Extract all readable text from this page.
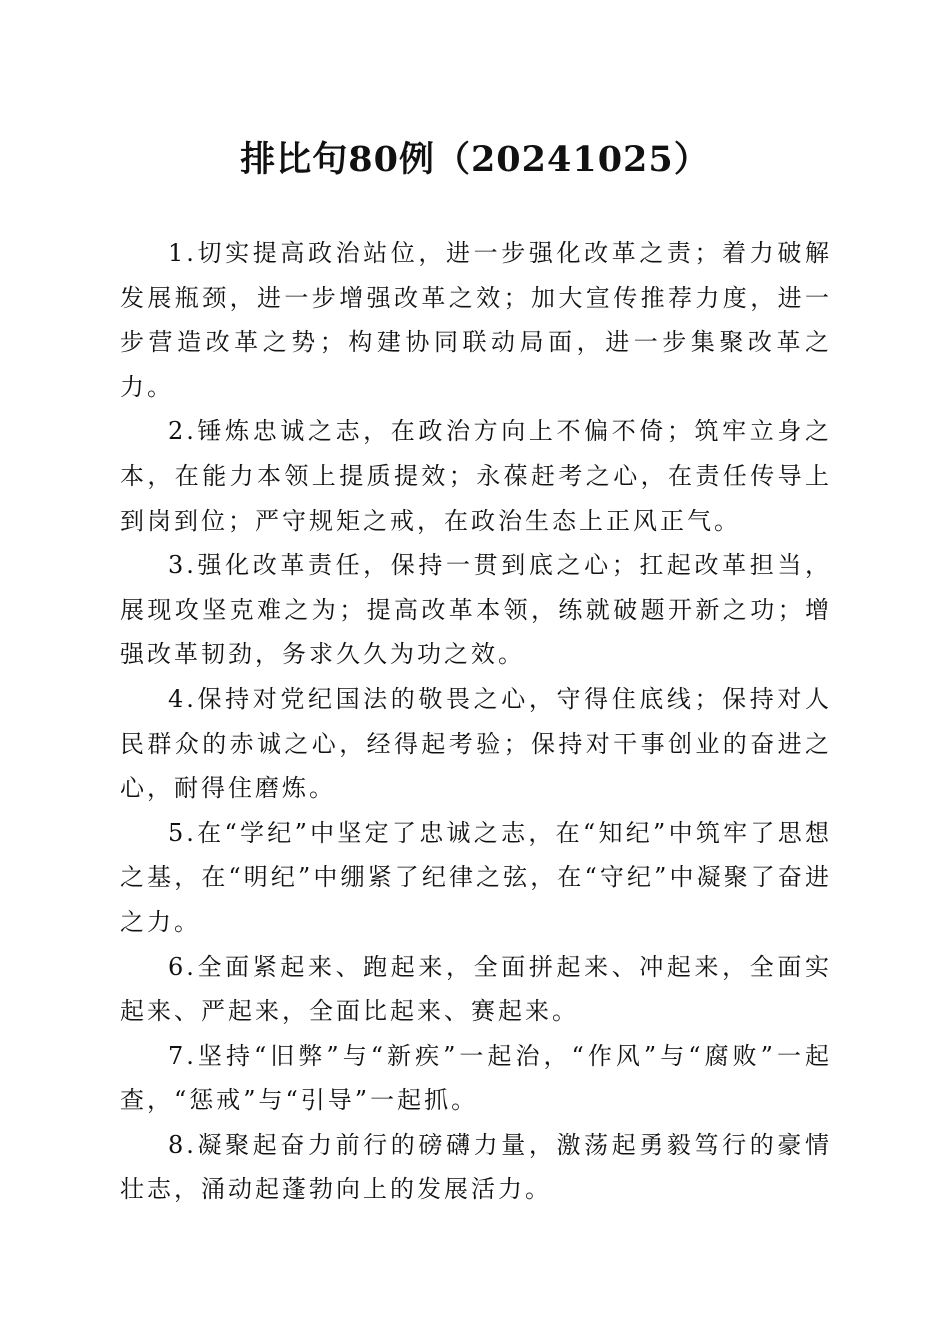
排比句80例（20241025）

1.切实提高政治站位，进一步强化改革之责；着力破解发展瓶颈，进一步增强改革之效；加大宣传推荐力度，进一步营造改革之势；构建协同联动局面，进一步集聚改革之力。

2.锤炼忠诚之志，在政治方向上不偏不倚；筑牢立身之本，在能力本领上提质提效；永葆赶考之心，在责任传导上到岗到位；严守规矩之戒，在政治生态上正风正气。

3.强化改革责任，保持一贯到底之心；扛起改革担当，展现攻坚克难之为；提高改革本领，练就破题开新之功；增强改革韧劲，务求久久为功之效。

4.保持对党纪国法的敬畏之心，守得住底线；保持对人民群众的赤诚之心，经得起考验；保持对干事创业的奋进之心，耐得住磨炼。

5.在“学纪”中坚定了忠诚之志，在“知纪”中筑牢了思想之基，在“明纪”中绷紧了纪律之弦，在“守纪”中凝聚了奋进之力。

6.全面紧起来、跑起来，全面拼起来、冲起来，全面实起来、严起来，全面比起来、赛起来。

7.坚持“旧弊”与“新疾”一起治，“作风”与“腐败”一起查，“惩戒”与“引导”一起抓。

8.凝聚起奋力前行的磅礴力量，激荡起勇毅笃行的豪情壮志，涌动起蓬勃向上的发展活力。
